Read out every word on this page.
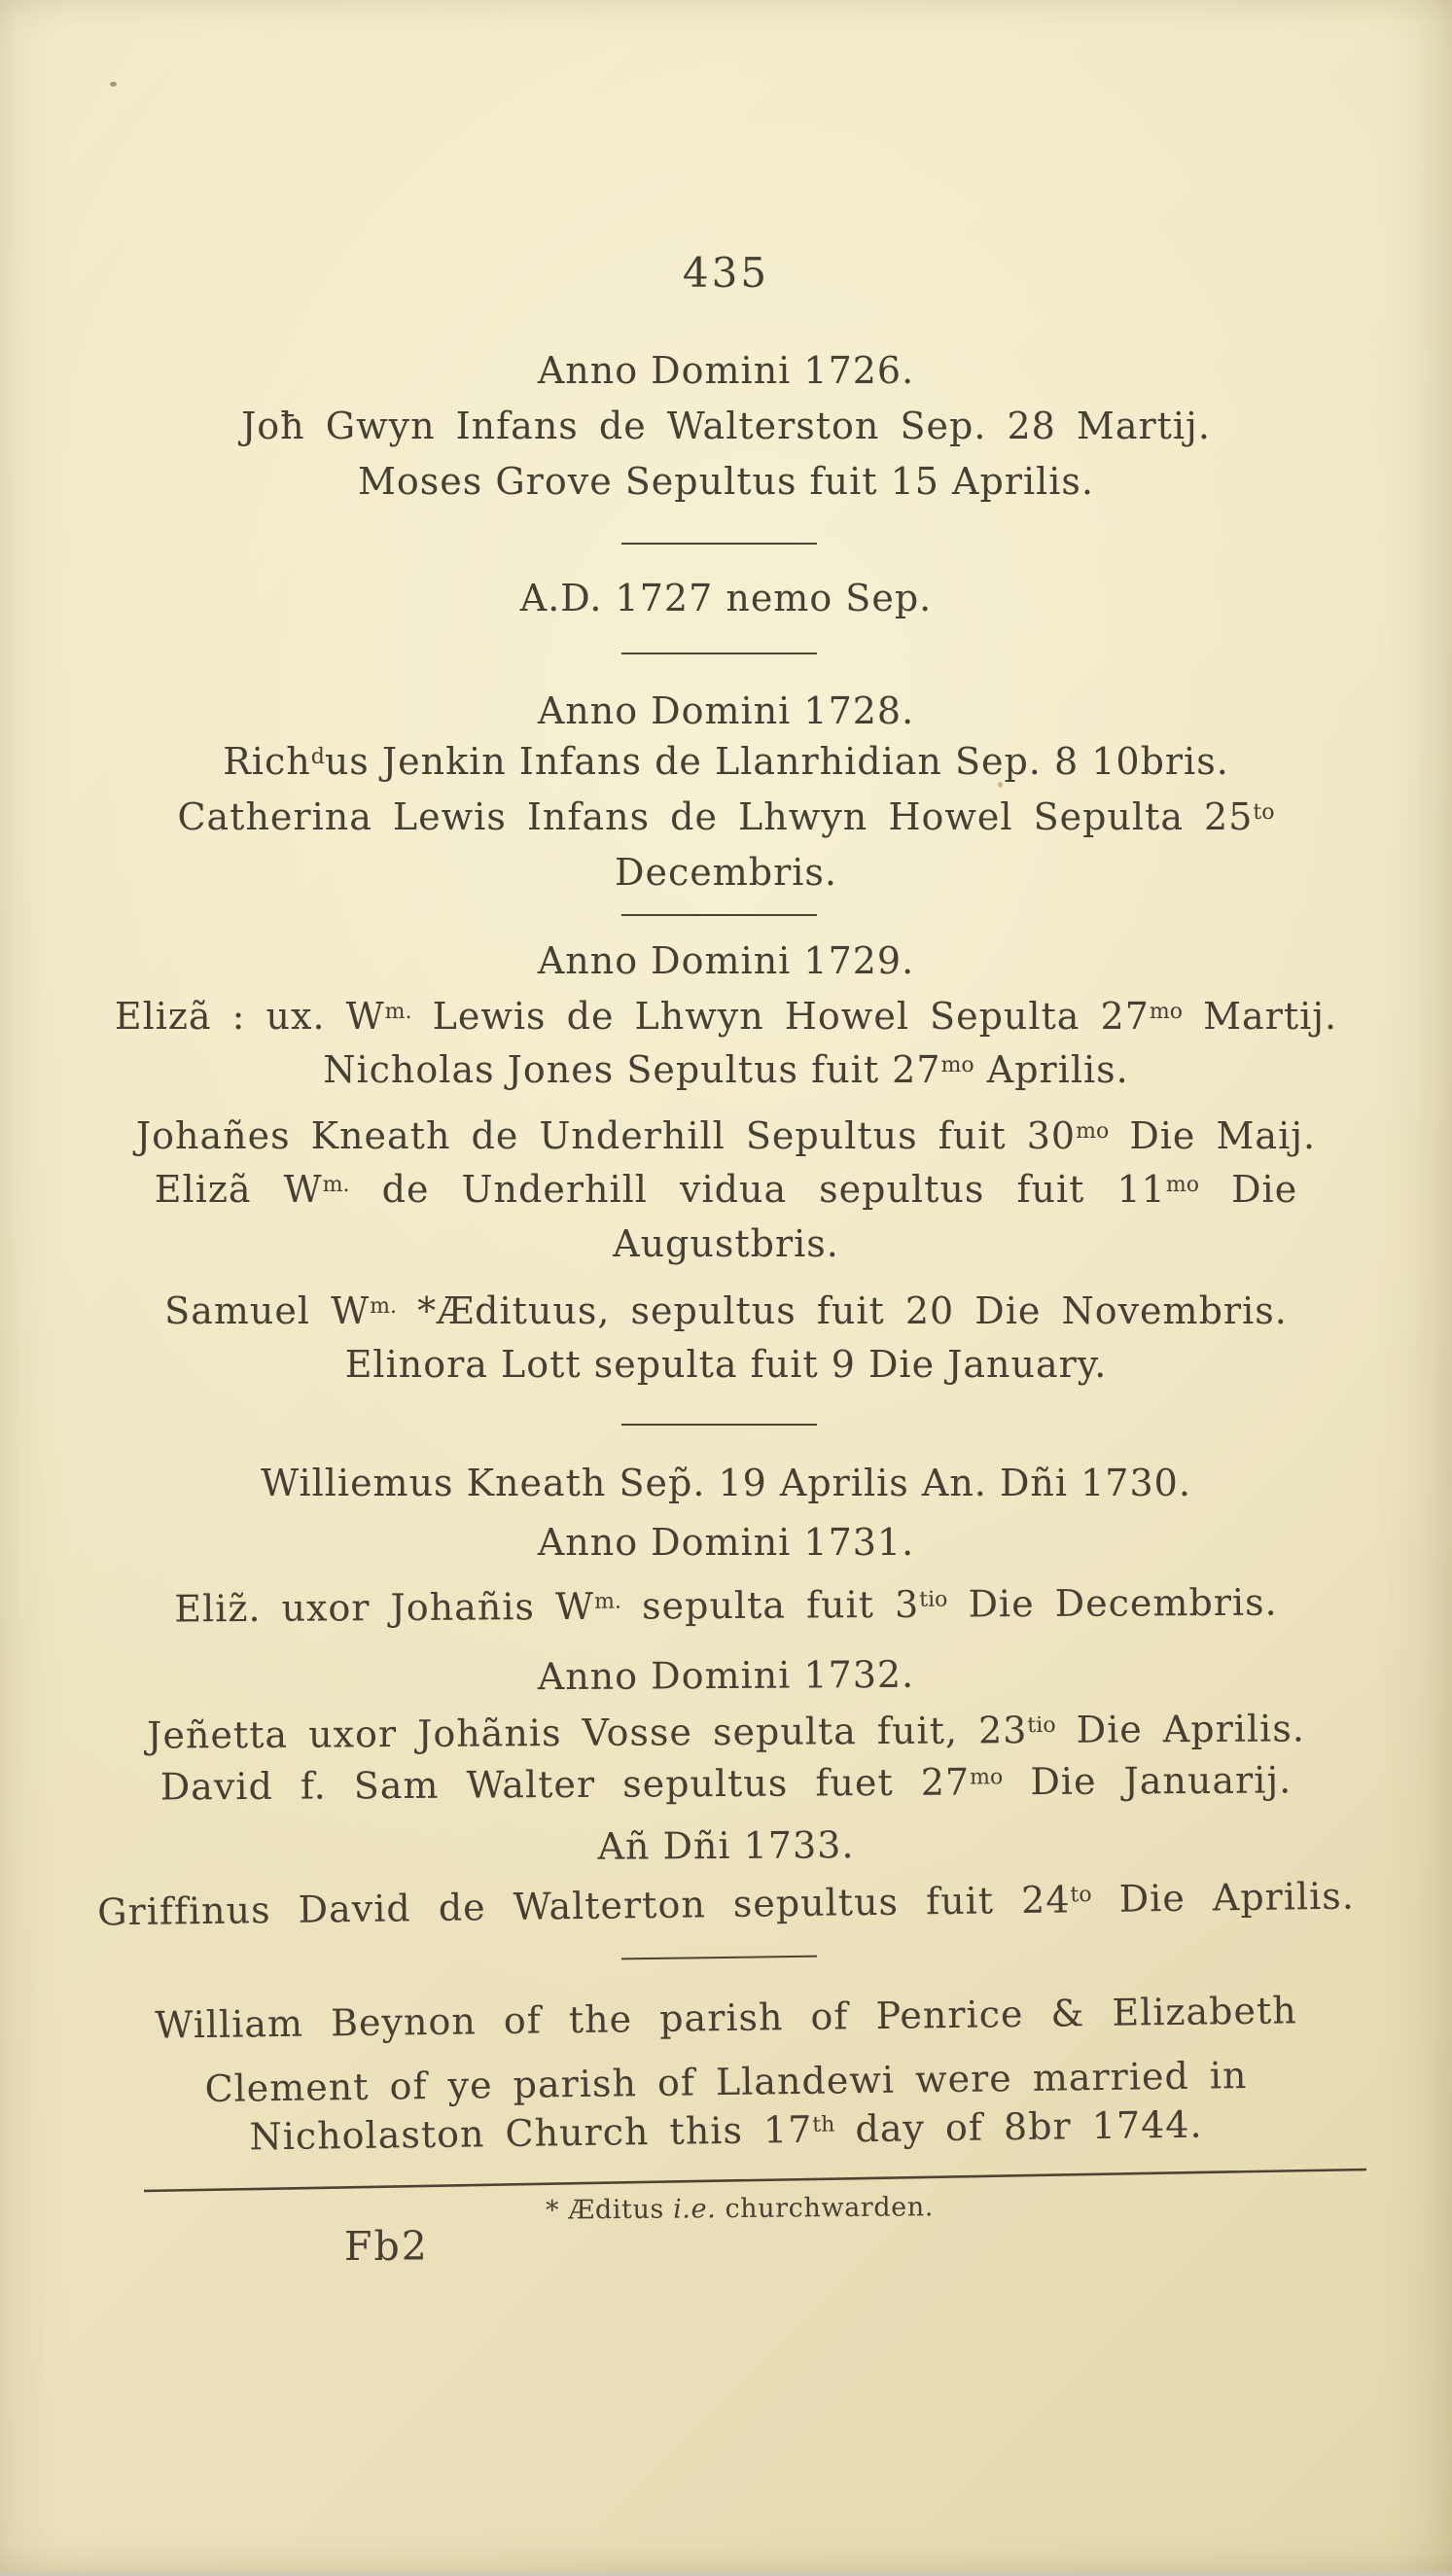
435
Anno Domini 1726.
Joħ Gwyn Infans de Walterston Sep. 28 Martij.
Moses Grove Sepultus fuit 15 Aprilis.
A.D. 1727 nemo Sep.
Anno Domini 1728.
Rich$^d$us Jenkin Infans de Llanrhidian Sep. 8 10bris.
Catherina Lewis Infans de Lhwyn Howel Sepulta $25^{to}$
Decembris.
Anno Domini 1729.
Elizã : ux. $W^{m.}$ Lewis de Lhwyn Howel Sepulta $27^{mo}$ Martij.
Nicholas Jones Sepultus fuit $27^{mo}$ Aprilis.
Johañes Kneath de Underhill Sepultus fuit $30^{mo}$ Die Maij.
Elizã $W^{m.}$ de Underhill vidua sepultus fuit $11^{mo}$ Die
Augustbris.
Samuel $W^{m.}$ *Ædituus, sepultus fuit 20 Die Novembris.
Elinora Lott sepulta fuit 9 Die January.
Williemus Kneath Sep̃. 19 Aprilis An. Dñi 1730.
Anno Domini 1731.
Eliz̃. uxor Johañis $W^{m.}$ sepulta fuit $3^{tio}$ Die Decembris.
Anno Domini 1732.
Jeñetta uxor Johãnis Vosse sepulta fuit, $23^{tio}$ Die Aprilis.
David f. Sam Walter sepultus fuet $27^{mo}$ Die Januarij.
Añ Dñi 1733.
Griffinus David de Walterton sepultus fuit $24^{to}$ Die Aprilis.
William Beynon of the parish of Penrice & Elizabeth
Clement of ye parish of Llandewi were married in
Nicholaston Church this 17th day of 8br 1744.
* Æditus i.e. churchwarden.
Fb2
